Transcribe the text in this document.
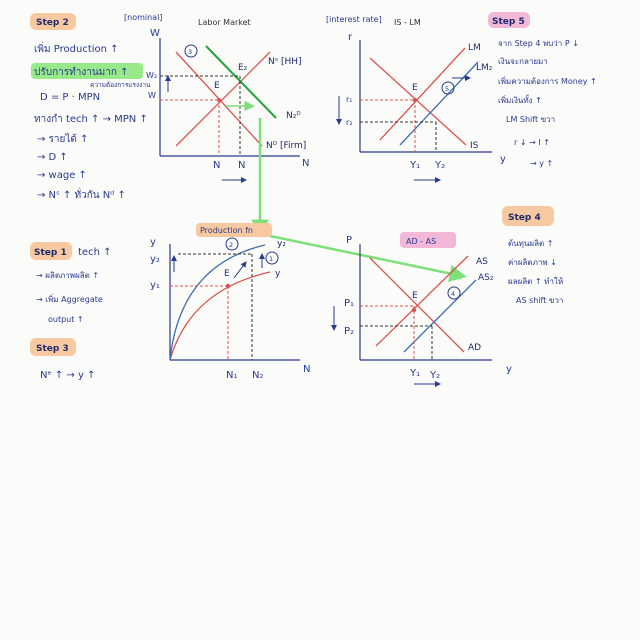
Step 2
เพิ่ม Production ↑
ปรับการทำงานมาก ↑
ความต้องการแรงงาน
D = P · MPN
ทางกำ tech ↑ → MPN ↑
→ รายได้ ↑
→ D ↑
→ wage ↑
→ Nˢ ↑ ทั่วกัน Nᵈ ↑
[nominal]
Labor Market
W
N
Nˢ [HH]
Nᴰ [Firm]
N₂ᴰ
E
E₂
W
W₂
N N
3
[interest rate] IS - LM
r
y
IS
LM
LM₂
E
r₁
r₂
Y₁ Y₂
5
Step 5
จาก Step 4 พบว่า P ↓
เงินจะกลายมา
เพิ่มความต้องการ Money ↑
เพิ่มเงินทั้ง ↑
LM Shift ขวา
r ↓ → I ↑
→ y ↑
Step 4
ต้นทุนผลิต ↑
ค่าผลิตภาพ ↓
ผลผลิต ↑ ทำให้
AS shift ขวา
Production fn
y
N
y
y₂
E
y₁
y₂
N₁ N₂
2
1
AD - AS
P
y
AD
AS
AS₂
E
P₁
P₂
Y₁ Y₂
4
Step 1 tech ↑
→ ผลิตภาพผลิต ↑
→ เพิ่ม Aggregate
output ↑
Step 3
Nᵉ ↑ → y ↑
